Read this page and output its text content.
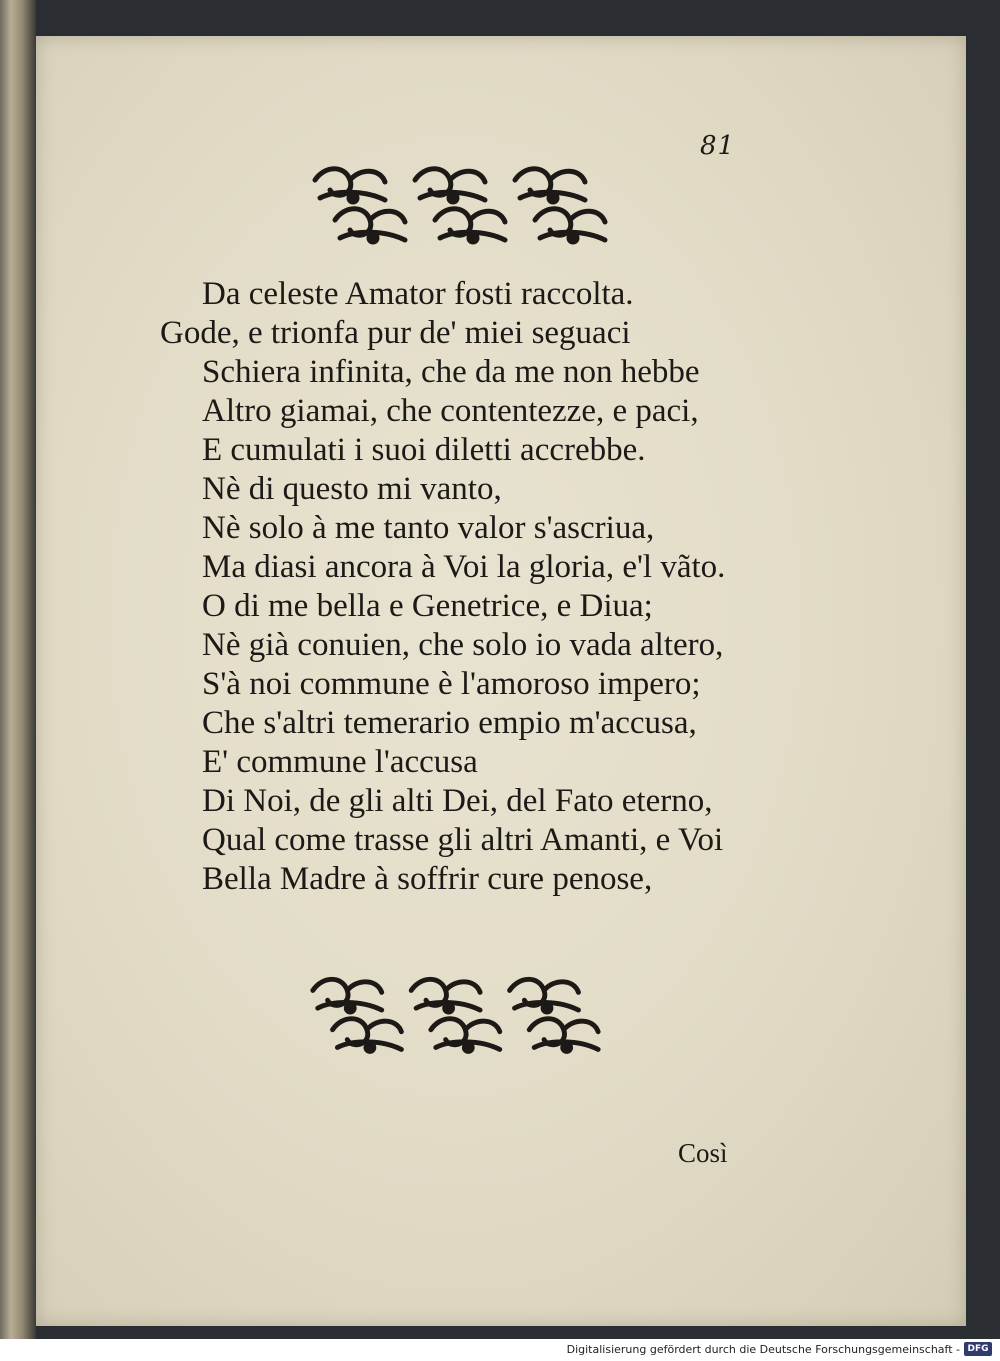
81
Da celeste Amator fosti raccolta.
Gode, e trionfa pur de' miei seguaci
Schiera infinita, che da me non hebbe
Altro giamai, che contentezze, e paci,
E cumulati i suoi diletti accrebbe.
Nè di questo mi vanto,
Nè solo à me tanto valor s'ascriua,
Ma diasi ancora à Voi la gloria, e'l vãto.
O di me bella e Genetrice, e Diua;
Nè già conuien, che solo io vada altero,
S'à noi commune è l'amoroso impero;
Che s'altri temerario empio m'accusa,
E' commune l'accusa
Di Noi, de gli alti Dei, del Fato eterno,
Qual come trasse gli altri Amanti, e Voi
Bella Madre à soffrir cure penose,
Così
Digitalisierung gefördert durch die Deutsche Forschungsgemeinschaft - DFG
